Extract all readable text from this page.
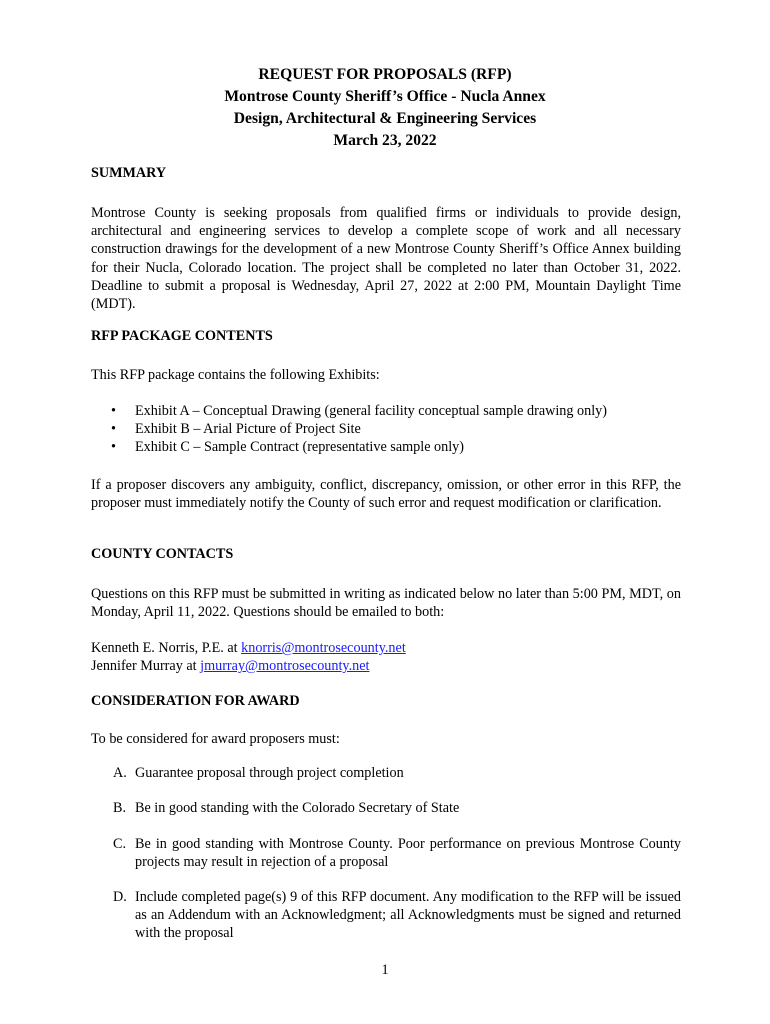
REQUEST FOR PROPOSALS (RFP)
Montrose County Sheriff’s Office - Nucla Annex
Design, Architectural & Engineering Services
March 23, 2022
SUMMARY
Montrose County is seeking proposals from qualified firms or individuals to provide design, architectural and engineering services to develop a complete scope of work and all necessary construction drawings for the development of a new Montrose County Sheriff’s Office Annex building for their Nucla, Colorado location. The project shall be completed no later than October 31, 2022. Deadline to submit a proposal is Wednesday, April 27, 2022 at 2:00 PM, Mountain Daylight Time (MDT).
RFP PACKAGE CONTENTS
This RFP package contains the following Exhibits:
•	Exhibit A – Conceptual Drawing (general facility conceptual sample drawing only)
•	Exhibit B – Arial Picture of Project Site
•	Exhibit C – Sample Contract (representative sample only)
If a proposer discovers any ambiguity, conflict, discrepancy, omission, or other error in this RFP, the proposer must immediately notify the County of such error and request modification or clarification.
COUNTY CONTACTS
Questions on this RFP must be submitted in writing as indicated below no later than 5:00 PM, MDT, on Monday, April 11, 2022. Questions should be emailed to both:
Kenneth E. Norris, P.E. at knorris@montrosecounty.net
Jennifer Murray at jmurray@montrosecounty.net
CONSIDERATION FOR AWARD
To be considered for award proposers must:
A. Guarantee proposal through project completion
B. Be in good standing with the Colorado Secretary of State
C. Be in good standing with Montrose County. Poor performance on previous Montrose County projects may result in rejection of a proposal
D. Include completed page(s) 9 of this RFP document. Any modification to the RFP will be issued as an Addendum with an Acknowledgment; all Acknowledgments must be signed and returned with the proposal
1
